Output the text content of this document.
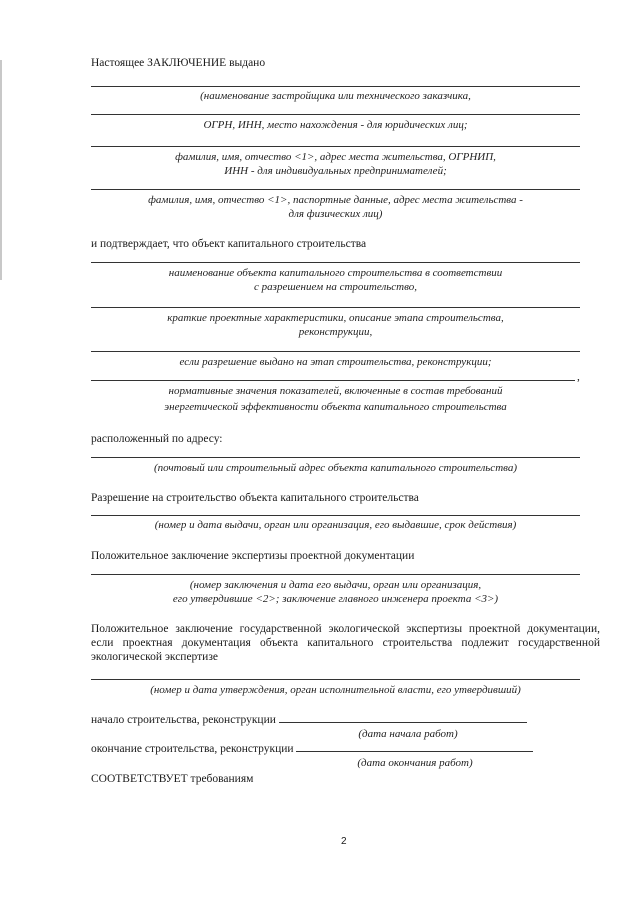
Настоящее ЗАКЛЮЧЕНИЕ выдано
(наименование застройщика или технического заказчика,
ОГРН, ИНН, место нахождения - для юридических лиц;
фамилия, имя, отчество <1>, адрес места жительства, ОГРНИП,
ИНН - для индивидуальных предпринимателей;
фамилия, имя, отчество <1>, паспортные данные, адрес места жительства -
для физических лиц)
и подтверждает, что объект капитального строительства
наименование объекта капитального строительства в соответствии
с разрешением на строительство,
краткие проектные характеристики, описание этапа строительства,
реконструкции,
если разрешение выдано на этап строительства, реконструкции;
,
нормативные значения показателей, включенные в состав требований
энергетической эффективности объекта капитального строительства
расположенный по адресу:
(почтовый или строительный адрес объекта капитального строительства)
Разрешение на строительство объекта капитального строительства
(номер и дата выдачи, орган или организация, его выдавшие, срок действия)
Положительное заключение экспертизы проектной документации
(номер заключения и дата его выдачи, орган или организация,
его утвердившие <2>; заключение главного инженера проекта <3>)
Положительное заключение государственной экологической экспертизы проектной документации, если проектная документация объекта капитального строительства подлежит государственной экологической экспертизе
(номер и дата утверждения, орган исполнительной власти, его утвердивший)
начало строительства, реконструкции
(дата начала работ)
окончание строительства, реконструкции
(дата окончания работ)
СООТВЕТСТВУЕТ требованиям
2
